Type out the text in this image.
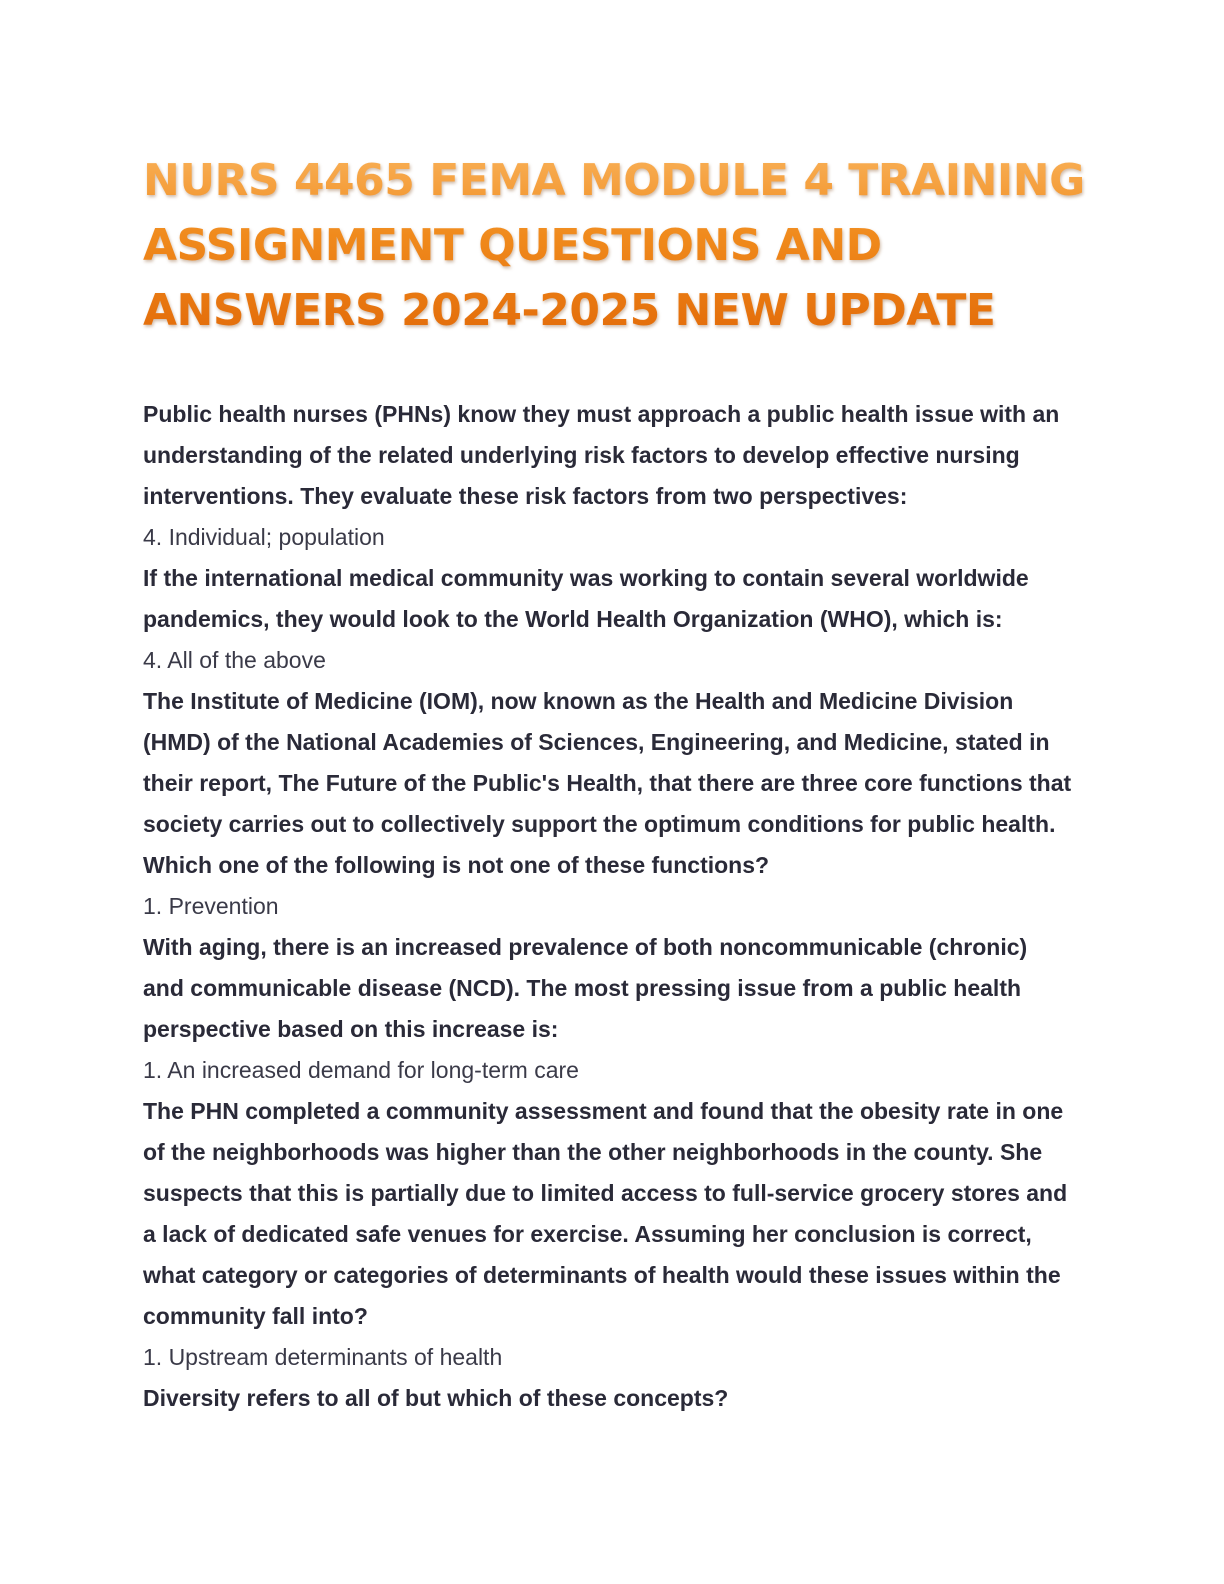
NURS 4465 FEMA MODULE 4 TRAINING ASSIGNMENT QUESTIONS AND ANSWERS 2024-2025 NEW UPDATE

Public health nurses (PHNs) know they must approach a public health issue with an understanding of the related underlying risk factors to develop effective nursing interventions. They evaluate these risk factors from two perspectives:

4. Individual; population

If the international medical community was working to contain several worldwide pandemics, they would look to the World Health Organization (WHO), which is:

4. All of the above

The Institute of Medicine (IOM), now known as the Health and Medicine Division (HMD) of the National Academies of Sciences, Engineering, and Medicine, stated in their report, The Future of the Public's Health, that there are three core functions that society carries out to collectively support the optimum conditions for public health. Which one of the following is not one of these functions?

1. Prevention

With aging, there is an increased prevalence of both noncommunicable (chronic) and communicable disease (NCD). The most pressing issue from a public health perspective based on this increase is:

1. An increased demand for long-term care

The PHN completed a community assessment and found that the obesity rate in one of the neighborhoods was higher than the other neighborhoods in the county. She suspects that this is partially due to limited access to full-service grocery stores and a lack of dedicated safe venues for exercise. Assuming her conclusion is correct, what category or categories of determinants of health would these issues within the community fall into?

1. Upstream determinants of health

Diversity refers to all of but which of these concepts?
